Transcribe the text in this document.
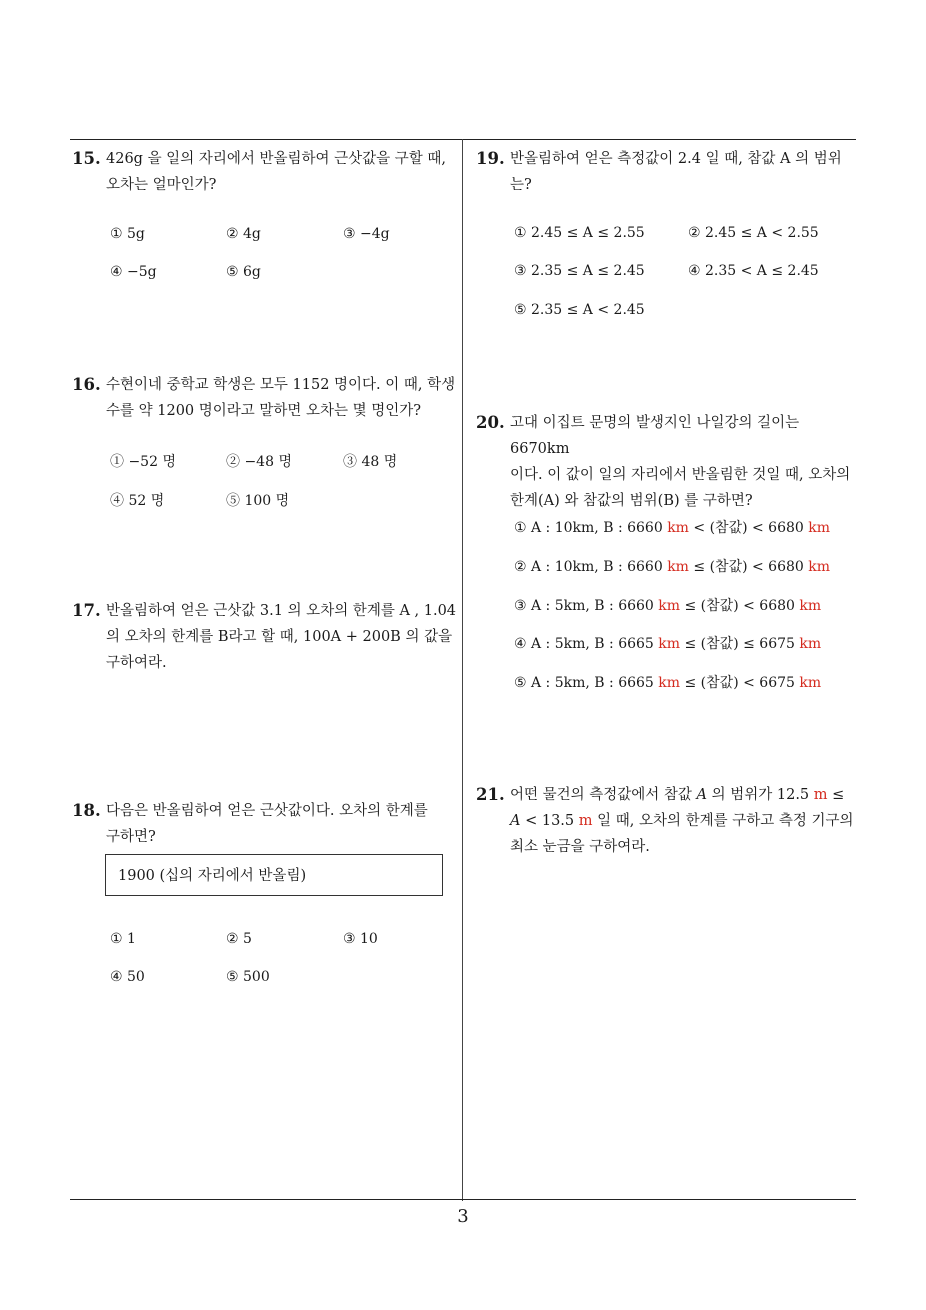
15. 426g 을 일의 자리에서 반올림하여 근삿값을 구할 때,
오차는 얼마인가?
① 5g	② 4g	③ −4g
④ −5g	⑤ 6g
16. 수현이네 중학교 학생은 모두 1152 명이다. 이 때, 학생
수를 약 1200 명이라고 말하면 오차는 몇 명인가?
① −52 명	② −48 명	③ 48 명
④ 52 명	⑤ 100 명
17. 반올림하여 얻은 근삿값 3.1 의 오차의 한계를 A , 1.04
의 오차의 한계를 B라고 할 때, 100A + 200B 의 값을
구하여라.
18. 다음은 반올림하여 얻은 근삿값이다. 오차의 한계를
구하면?
1900 (십의 자리에서 반올림)
① 1	② 5	③ 10
④ 50	⑤ 500
19. 반올림하여 얻은 측정값이 2.4 일 때, 참값 A 의 범위
는?
① 2.45 ≤ A ≤ 2.55	② 2.45 ≤ A < 2.55
③ 2.35 ≤ A ≤ 2.45	④ 2.35 < A ≤ 2.45
⑤ 2.35 ≤ A < 2.45
20. 고대 이집트 문명의 발생지인 나일강의 길이는 6670km
이다. 이 값이 일의 자리에서 반올림한 것일 때, 오차의
한계(A) 와 참값의 범위(B) 를 구하면?
① A : 10km, B : 6660 km < (참값) < 6680 km
② A : 10km, B : 6660 km ≤ (참값) < 6680 km
③ A : 5km, B : 6660 km ≤ (참값) < 6680 km
④ A : 5km, B : 6665 km ≤ (참값) ≤ 6675 km
⑤ A : 5km, B : 6665 km ≤ (참값) < 6675 km
21. 어떤 물건의 측정값에서 참값 A 의 범위가 12.5 m ≤
A < 13.5 m 일 때, 오차의 한계를 구하고 측정 기구의
최소 눈금을 구하여라.
3
